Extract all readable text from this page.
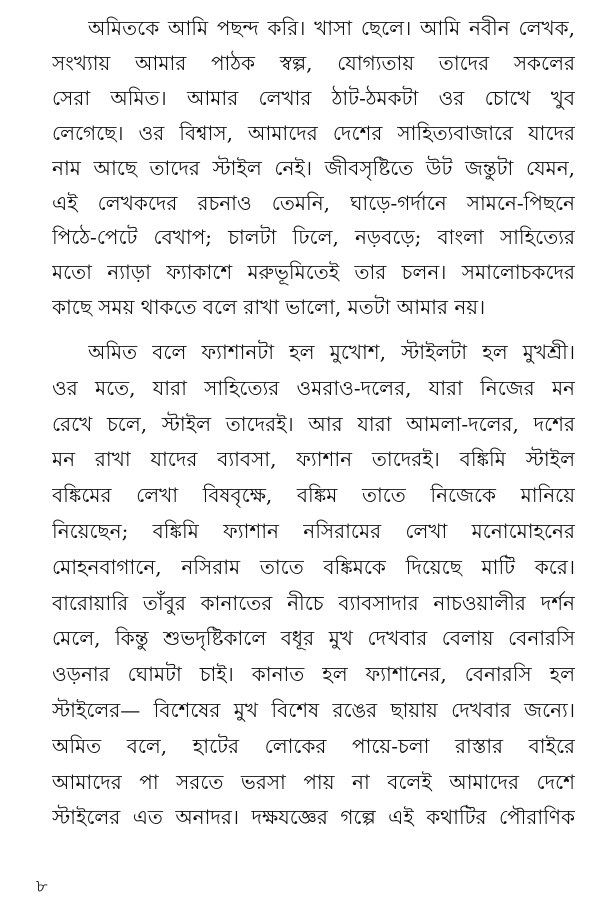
অমিতকে আমি পছন্দ করি। খাসা ছেলে। আমি নবীন লেখক,
সংখ্যায় আমার পাঠক স্বল্প, যোগ্যতায় তাদের সকলের
সেরা অমিত। আমার লেখার ঠাট-ঠমকটা ওর চোখে খুব
লেগেছে। ওর বিশ্বাস, আমাদের দেশের সাহিত্যবাজারে যাদের
নাম আছে তাদের স্টাইল নেই। জীবসৃষ্টিতে উট জন্তুটা যেমন,
এই লেখকদের রচনাও তেমনি, ঘাড়ে-গর্দানে সামনে-পিছনে
পিঠে-পেটে বেখাপ; চালটা ঢিলে, নড়বড়ে; বাংলা সাহিত্যের
মতো ন্যাড়া ফ্যাকাশে মরুভূমিতেই তার চলন। সমালোচকদের
কাছে সময় থাকতে বলে রাখা ভালো, মতটা আমার নয়।
অমিত বলে ফ্যাশানটা হল মুখোশ, স্টাইলটা হল মুখশ্রী।
ওর মতে, যারা সাহিত্যের ওমরাও-দলের, যারা নিজের মন
রেখে চলে, স্টাইল তাদেরই। আর যারা আমলা-দলের, দশের
মন রাখা যাদের ব্যাবসা, ফ্যাশান তাদেরই। বঙ্কিমি স্টাইল
বঙ্কিমের লেখা বিষবৃক্ষে, বঙ্কিম তাতে নিজেকে মানিয়ে
নিয়েছেন; বঙ্কিমি ফ্যাশান নসিরামের লেখা মনোমোহনের
মোহনবাগানে, নসিরাম তাতে বঙ্কিমকে দিয়েছে মাটি করে।
বারোয়ারি তাঁবুর কানাতের নীচে ব্যাবসাদার নাচওয়ালীর দর্শন
মেলে, কিন্তু শুভদৃষ্টিকালে বধূর মুখ দেখবার বেলায় বেনারসি
ওড়নার ঘোমটা চাই। কানাত হল ফ্যাশানের, বেনারসি হল
স্টাইলের— বিশেষের মুখ বিশেষ রঙের ছায়ায় দেখবার জন্যে।
অমিত বলে, হাটের লোকের পায়ে-চলা রাস্তার বাইরে
আমাদের পা সরতে ভরসা পায় না বলেই আমাদের দেশে
স্টাইলের এত অনাদর। দক্ষযজ্ঞের গল্পে এই কথাটির পৌরাণিক
৮
